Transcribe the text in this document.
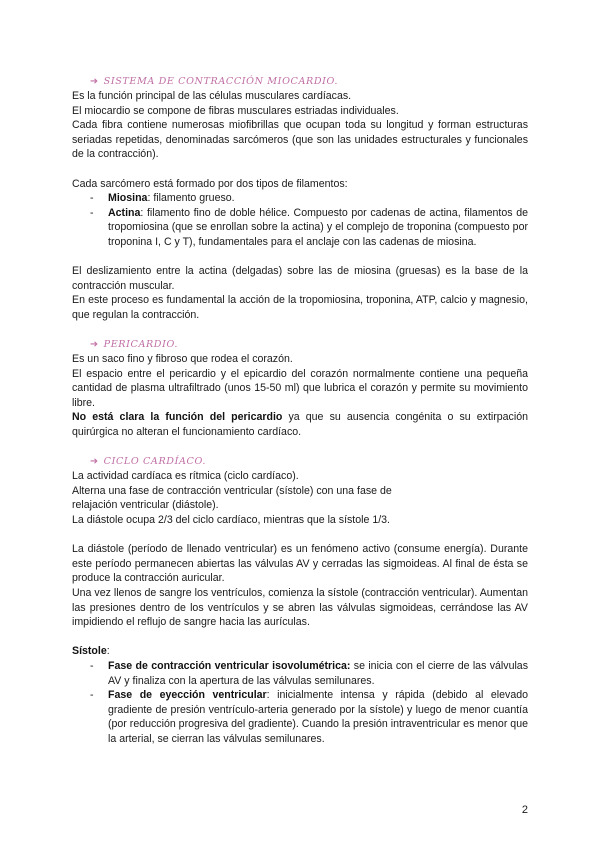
➔ SISTEMA DE CONTRACCIÓN MIOCARDIO.

Es la función principal de las células musculares cardíacas.

El miocardio se compone de fibras musculares estriadas individuales.

Cada fibra contiene numerosas miofibrillas que ocupan toda su longitud y forman estructuras seriadas repetidas, denominadas sarcómeros (que son las unidades estructurales y funcionales de la contracción).

Cada sarcómero está formado por dos tipos de filamentos:

- Miosina: filamento grueso.
- Actina: filamento fino de doble hélice. Compuesto por cadenas de actina, filamentos de tropomiosina (que se enrollan sobre la actina) y el complejo de troponina (compuesto por troponina I, C y T), fundamentales para el anclaje con las cadenas de miosina.

El deslizamiento entre la actina (delgadas) sobre las de miosina (gruesas) es la base de la contracción muscular.

En este proceso es fundamental la acción de la tropomiosina, troponina, ATP, calcio y magnesio, que regulan la contracción.

➔ PERICARDIO.

Es un saco fino y fibroso que rodea el corazón.

El espacio entre el pericardio y el epicardio del corazón normalmente contiene una pequeña cantidad de plasma ultrafiltrado (unos 15-50 ml) que lubrica el corazón y permite su movimiento libre.

No está clara la función del pericardio ya que su ausencia congénita o su extirpación quirúrgica no alteran el funcionamiento cardíaco.

➔ CICLO CARDÍACO.

La actividad cardíaca es rítmica (ciclo cardíaco).

Alterna una fase de contracción ventricular (sístole) con una fase de

relajación ventricular (diástole).

La diástole ocupa 2/3 del ciclo cardíaco, mientras que la sístole 1/3.

La diástole (período de llenado ventricular) es un fenómeno activo (consume energía). Durante este período permanecen abiertas las válvulas AV y cerradas las sigmoideas. Al final de ésta se produce la contracción auricular.

Una vez llenos de sangre los ventrículos, comienza la sístole (contracción ventricular). Aumentan las presiones dentro de los ventrículos y se abren las válvulas sigmoideas, cerrándose las AV impidiendo el reflujo de sangre hacia las aurículas.

Sístole:

- Fase de contracción ventricular isovolumétrica: se inicia con el cierre de las válvulas AV y finaliza con la apertura de las válvulas semilunares.
- Fase de eyección ventricular: inicialmente intensa y rápida (debido al elevado gradiente de presión ventrículo-arteria generado por la sístole) y luego de menor cuantía (por reducción progresiva del gradiente). Cuando la presión intraventricular es menor que la arterial, se cierran las válvulas semilunares.
2
